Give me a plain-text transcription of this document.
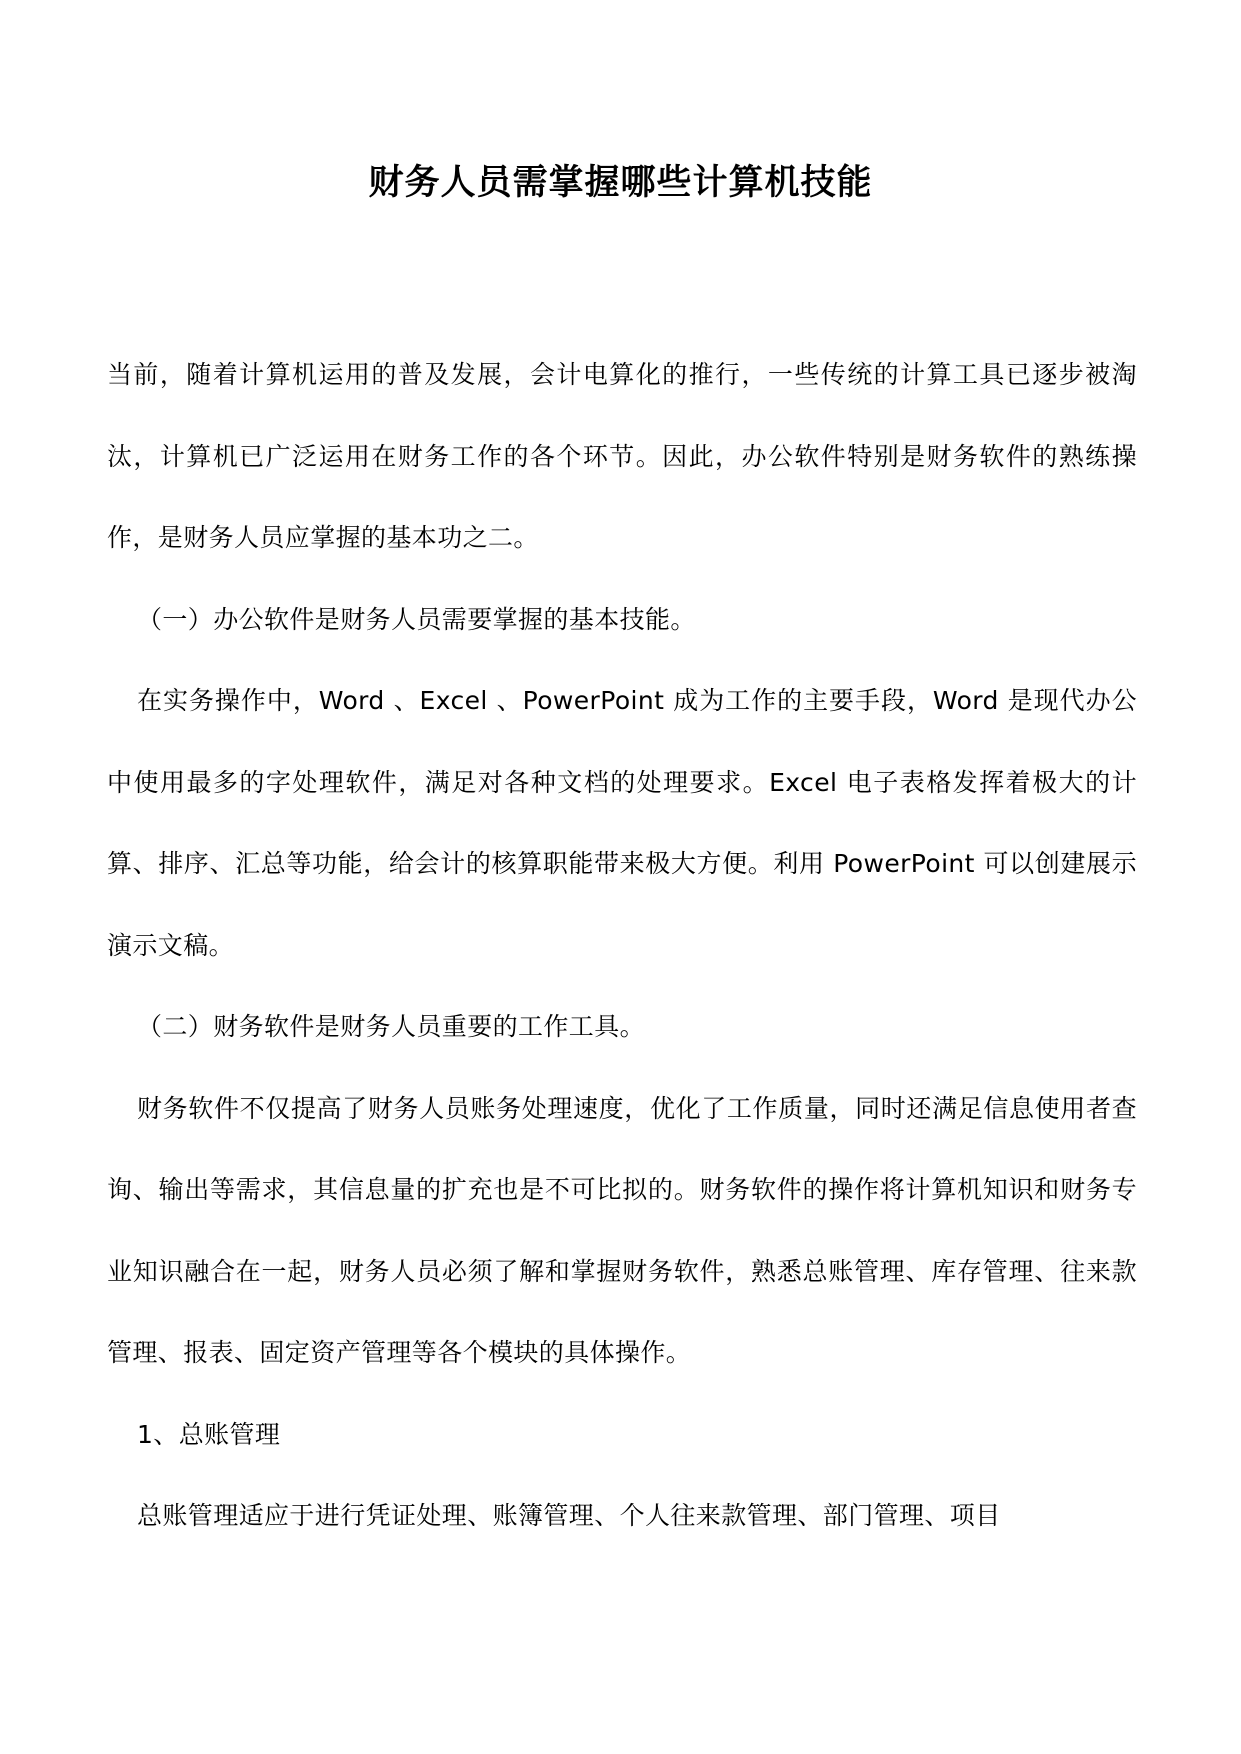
财务人员需掌握哪些计算机技能

当前，随着计算机运用的普及发展，会计电算化的推行，一些传统的计算工具已逐步被淘汰，计算机已广泛运用在财务工作的各个环节。因此，办公软件特别是财务软件的熟练操作，是财务人员应掌握的基本功之二。

（一）办公软件是财务人员需要掌握的基本技能。

在实务操作中，Word 、Excel 、PowerPoint 成为工作的主要手段，Word 是现代办公中使用最多的字处理软件，满足对各种文档的处理要求。Excel 电子表格发挥着极大的计算、排序、汇总等功能，给会计的核算职能带来极大方便。利用 PowerPoint 可以创建展示演示文稿。

（二）财务软件是财务人员重要的工作工具。

财务软件不仅提高了财务人员账务处理速度，优化了工作质量，同时还满足信息使用者查询、输出等需求，其信息量的扩充也是不可比拟的。财务软件的操作将计算机知识和财务专业知识融合在一起，财务人员必须了解和掌握财务软件，熟悉总账管理、库存管理、往来款管理、报表、固定资产管理等各个模块的具体操作。

1、总账管理

总账管理适应于进行凭证处理、账簿管理、个人往来款管理、部门管理、项目
